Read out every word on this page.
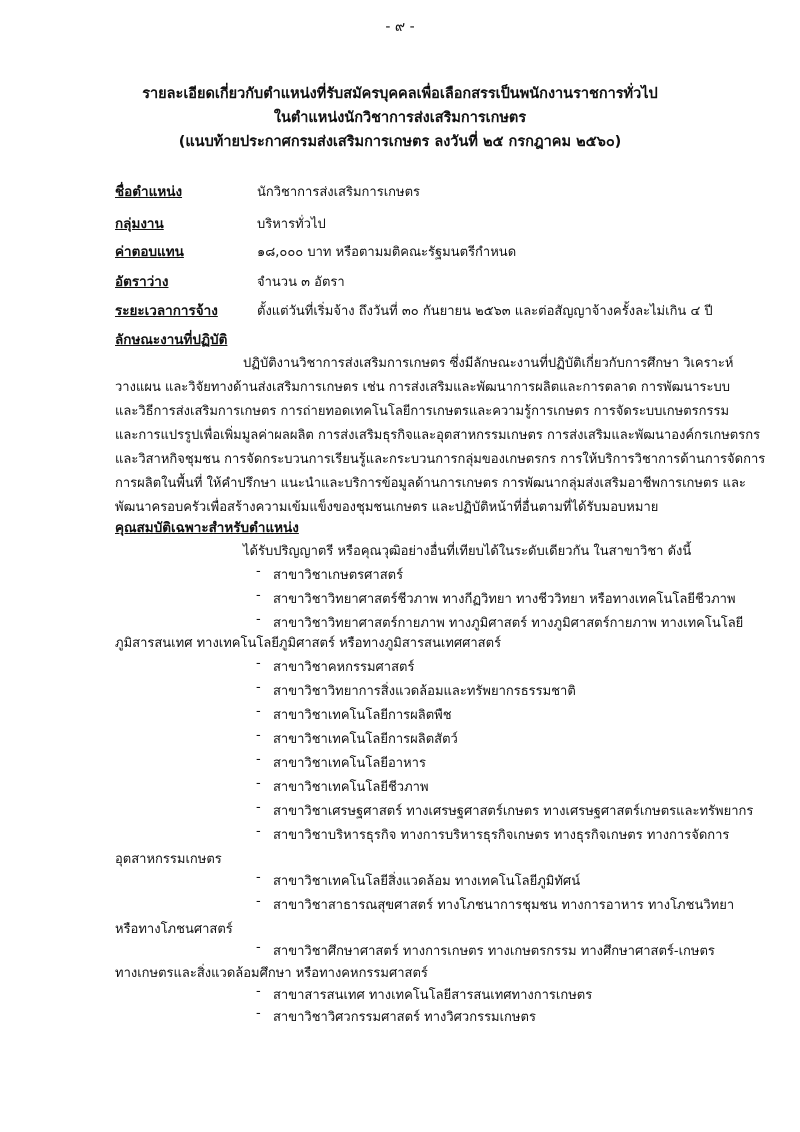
- ๙ -
รายละเอียดเกี่ยวกับตำแหน่งที่รับสมัครบุคคลเพื่อเลือกสรรเป็นพนักงานราชการทั่วไป
ในตำแหน่งนักวิชาการส่งเสริมการเกษตร
(แนบท้ายประกาศกรมส่งเสริมการเกษตร ลงวันที่ ๒๕ กรกฎาคม ๒๕๖๐)
ชื่อตำแหน่ง	นักวิชาการส่งเสริมการเกษตร
กลุ่มงาน	บริหารทั่วไป
ค่าตอบแทน	๑๘,๐๐๐ บาท หรือตามมติคณะรัฐมนตรีกำหนด
อัตราว่าง	จำนวน ๓ อัตรา
ระยะเวลาการจ้าง	ตั้งแต่วันที่เริ่มจ้าง ถึงวันที่ ๓๐ กันยายน ๒๕๖๓ และต่อสัญญาจ้างครั้งละไม่เกิน ๔ ปี
ลักษณะงานที่ปฏิบัติ
ปฏิบัติงานวิชาการส่งเสริมการเกษตร ซึ่งมีลักษณะงานที่ปฏิบัติเกี่ยวกับการศึกษา วิเคราะห์
วางแผน และวิจัยทางด้านส่งเสริมการเกษตร เช่น การส่งเสริมและพัฒนาการผลิตและการตลาด การพัฒนาระบบ
และวิธีการส่งเสริมการเกษตร การถ่ายทอดเทคโนโลยีการเกษตรและความรู้การเกษตร การจัดระบบเกษตรกรรม
และการแปรรูปเพื่อเพิ่มมูลค่าผลผลิต การส่งเสริมธุรกิจและอุตสาหกรรมเกษตร การส่งเสริมและพัฒนาองค์กรเกษตรกร
และวิสาหกิจชุมชน การจัดกระบวนการเรียนรู้และกระบวนการกลุ่มของเกษตรกร การให้บริการวิชาการด้านการจัดการ
การผลิตในพื้นที่ ให้คำปรึกษา แนะนำและบริการข้อมูลด้านการเกษตร การพัฒนากลุ่มส่งเสริมอาชีพการเกษตร และ
พัฒนาครอบครัวเพื่อสร้างความเข้มแข็งของชุมชนเกษตร และปฏิบัติหน้าที่อื่นตามที่ได้รับมอบหมาย
คุณสมบัติเฉพาะสำหรับตำแหน่ง
ได้รับปริญญาตรี หรือคุณวุฒิอย่างอื่นที่เทียบได้ในระดับเดียวกัน ในสาขาวิชา ดังนี้
- สาขาวิชาเกษตรศาสตร์
- สาขาวิชาวิทยาศาสตร์ชีวภาพ ทางกีฏวิทยา ทางชีววิทยา หรือทางเทคโนโลยีชีวภาพ
- สาขาวิชาวิทยาศาสตร์กายภาพ ทางภูมิศาสตร์ ทางภูมิศาสตร์กายภาพ ทางเทคโนโลยี
ภูมิสารสนเทศ ทางเทคโนโลยีภูมิศาสตร์ หรือทางภูมิสารสนเทศศาสตร์
- สาขาวิชาคหกรรมศาสตร์
- สาขาวิชาวิทยาการสิ่งแวดล้อมและทรัพยากรธรรมชาติ
- สาขาวิชาเทคโนโลยีการผลิตพืช
- สาขาวิชาเทคโนโลยีการผลิตสัตว์
- สาขาวิชาเทคโนโลยีอาหาร
- สาขาวิชาเทคโนโลยีชีวภาพ
- สาขาวิชาเศรษฐศาสตร์ ทางเศรษฐศาสตร์เกษตร ทางเศรษฐศาสตร์เกษตรและทรัพยากร
- สาขาวิชาบริหารธุรกิจ ทางการบริหารธุรกิจเกษตร ทางธุรกิจเกษตร ทางการจัดการ
อุตสาหกรรมเกษตร
- สาขาวิชาเทคโนโลยีสิ่งแวดล้อม ทางเทคโนโลยีภูมิทัศน์
- สาขาวิชาสาธารณสุขศาสตร์ ทางโภชนาการชุมชน ทางการอาหาร ทางโภชนวิทยา
หรือทางโภชนศาสตร์
- สาขาวิชาศึกษาศาสตร์ ทางการเกษตร ทางเกษตรกรรม ทางศึกษาศาสตร์-เกษตร
ทางเกษตรและสิ่งแวดล้อมศึกษา หรือทางคหกรรมศาสตร์
- สาขาสารสนเทศ ทางเทคโนโลยีสารสนเทศทางการเกษตร
- สาขาวิชาวิศวกรรมศาสตร์ ทางวิศวกรรมเกษตร
